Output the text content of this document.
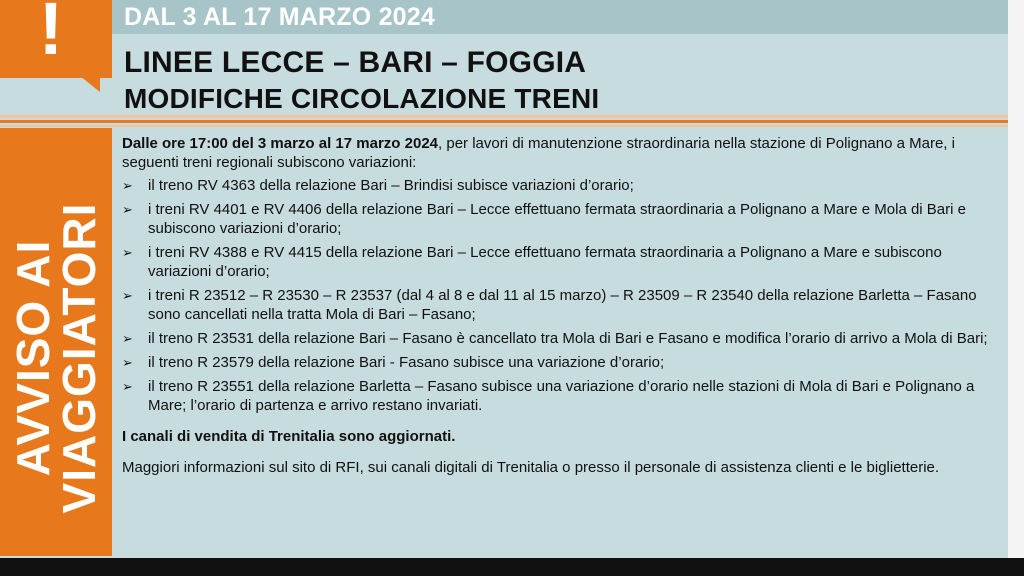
!	DAL 3 AL 17 MARZO 2024
LINEE LECCE – BARI – FOGGIA
MODIFICHE CIRCOLAZIONE TRENI
AVVISO AI
VIAGGIATORI

Dalle ore 17:00 del 3 marzo al 17 marzo 2024, per lavori di manutenzione straordinaria nella stazione di Polignano a Mare, i seguenti treni regionali subiscono variazioni:

➢ il treno RV 4363 della relazione Bari – Brindisi subisce variazioni d’orario;
➢ i treni RV 4401 e RV 4406 della relazione Bari – Lecce effettuano fermata straordinaria a Polignano a Mare e Mola di Bari e subiscono variazioni d’orario;
➢ i treni RV 4388 e RV 4415 della relazione Bari – Lecce effettuano fermata straordinaria a Polignano a Mare e subiscono variazioni d’orario;
➢ i treni R 23512 – R 23530 – R 23537 (dal 4 al 8 e dal 11 al 15 marzo) – R 23509 – R 23540 della relazione Barletta – Fasano sono cancellati nella tratta Mola di Bari – Fasano;
➢ il treno R 23531 della relazione Bari – Fasano è cancellato tra Mola di Bari e Fasano e modifica l’orario di arrivo a Mola di Bari;
➢ il treno R 23579 della relazione Bari - Fasano subisce una variazione d’orario;
➢ il treno R 23551 della relazione Barletta – Fasano subisce una variazione d’orario nelle stazioni di Mola di Bari e Polignano a Mare; l’orario di partenza e arrivo restano invariati.

I canali di vendita di Trenitalia sono aggiornati.

Maggiori informazioni sul sito di RFI, sui canali digitali di Trenitalia o presso il personale di assistenza clienti e le biglietterie.
